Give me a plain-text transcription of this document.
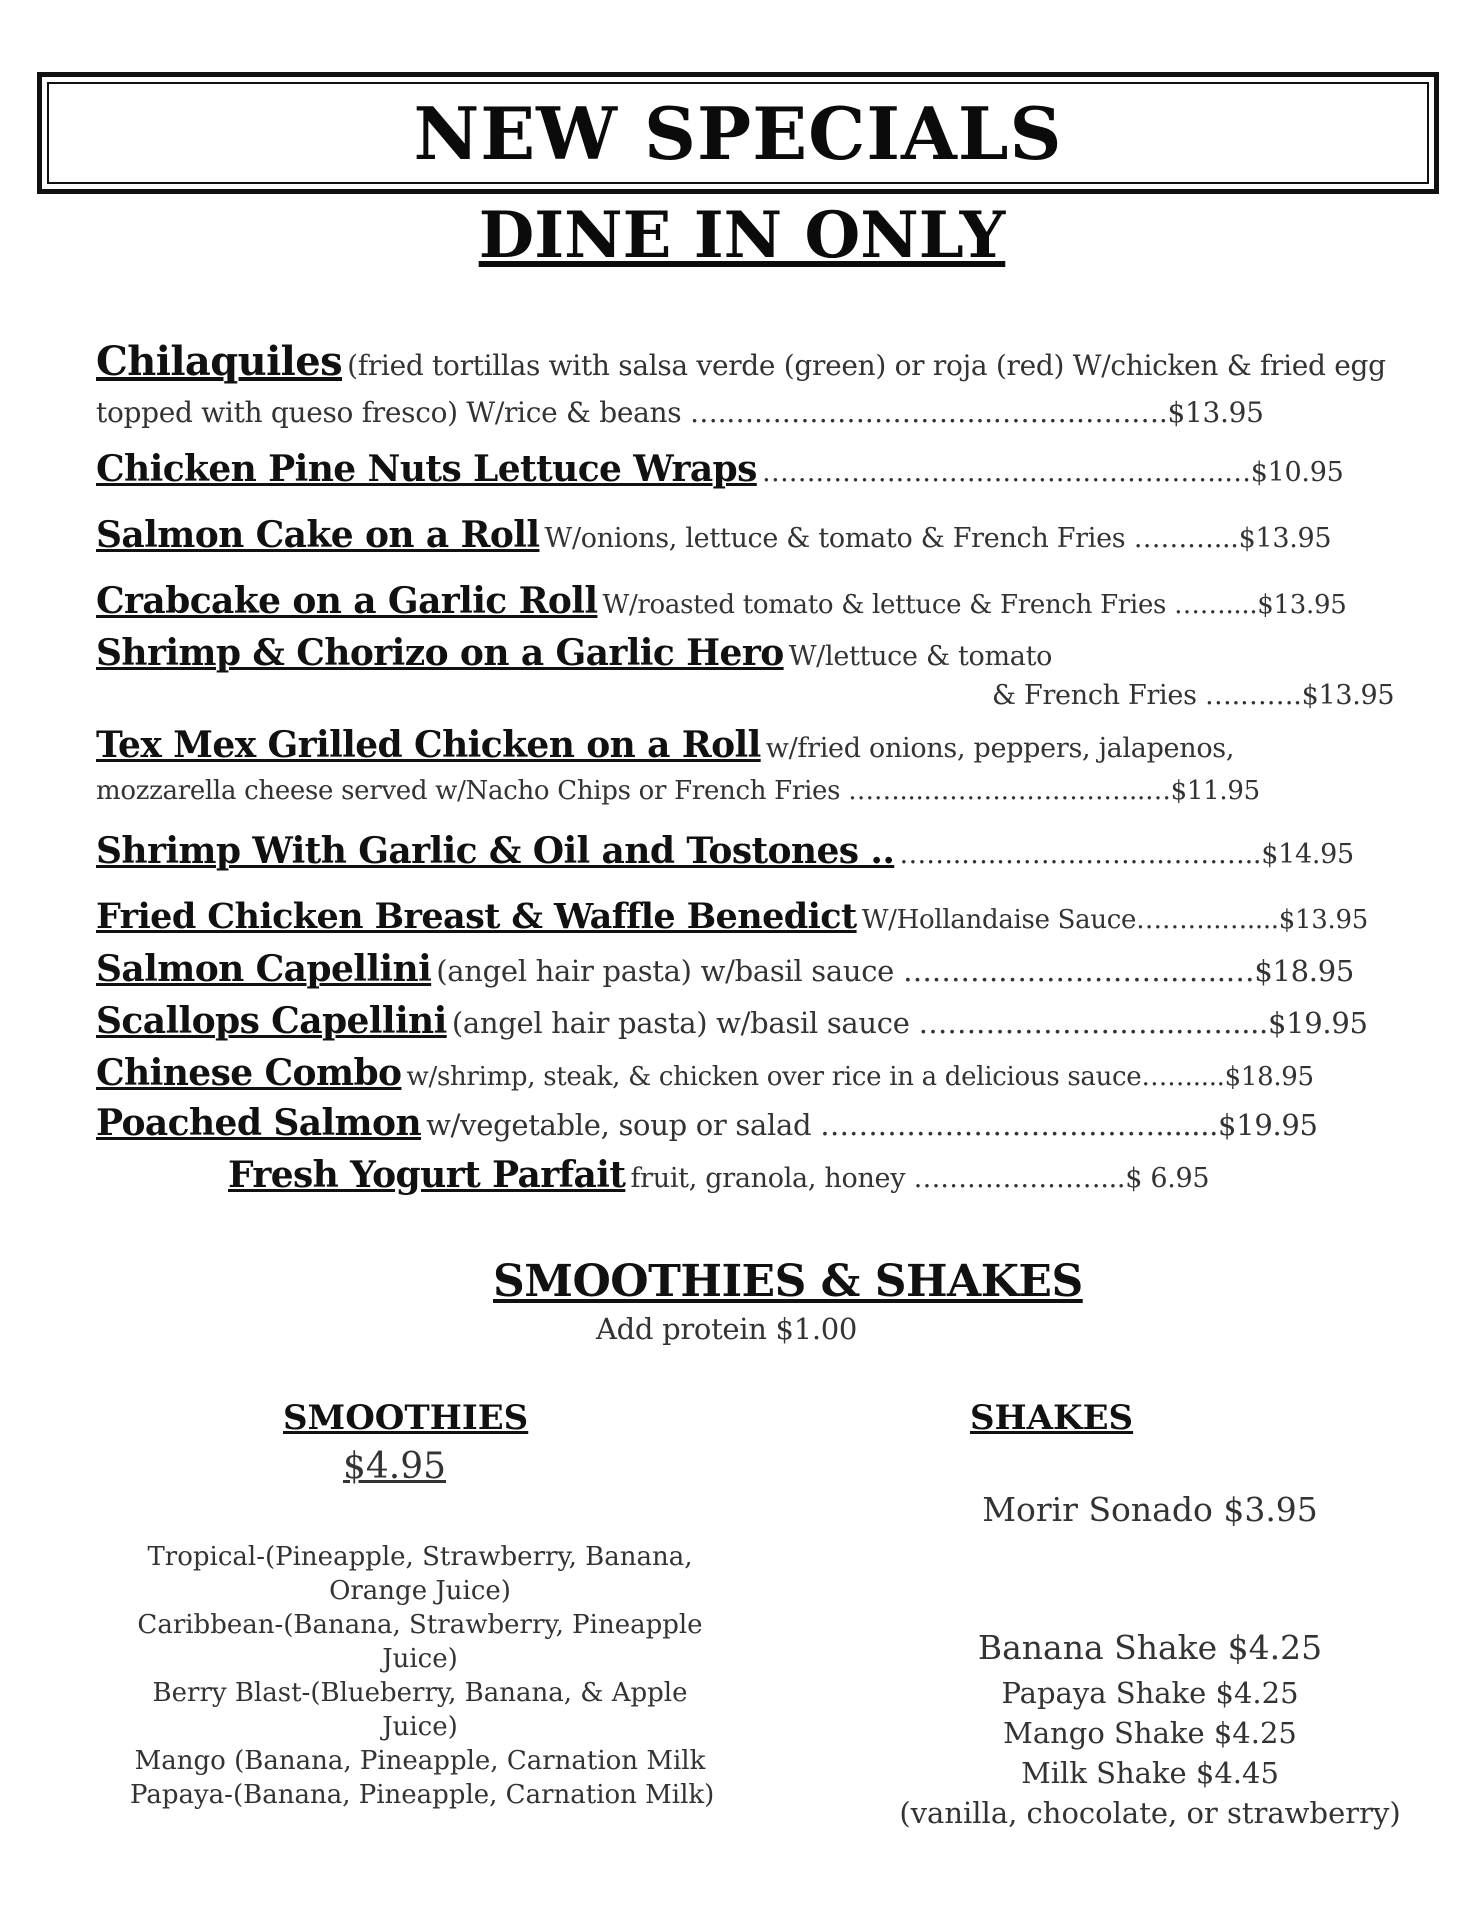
NEW SPECIALS
DINE IN ONLY
Chilaquiles (fried tortillas with salsa verde (green) or roja (red) W/chicken & fried egg
topped with queso fresco) W/rice & beans ….………………………..……………….$13.95
Chicken Pine Nuts Lettuce Wraps …………………………………………….…$10.95
Salmon Cake on a Roll W/onions, lettuce & tomato & French Fries ………...$13.95
Crabcake on a Garlic Roll W/roasted tomato & lettuce & French Fries ……....$13.95
Shrimp & Chorizo on a Garlic Hero W/lettuce & tomato
& French Fries ….…….$13.95
Tex Mex Grilled Chicken on a Roll w/fried onions, peppers, jalapenos,
mozzarella cheese served w/Nacho Chips or French Fries ……...……………………..…$11.95
Shrimp With Garlic & Oil and Tostones .. …….….……………….………..$14.95
Fried Chicken Breast & Waffle Benedict W/Hollandaise Sauce……….…....$13.95
Salmon Capellini (angel hair pasta) w/basil sauce ……….……………….…..…$18.95
Scallops Capellini (angel hair pasta) w/basil sauce ………………….…..……....$19.95
Chinese Combo w/shrimp, steak, & chicken over rice in a delicious sauce……....$18.95
Poached Salmon w/vegetable, soup or salad ………………………………......$19.95
Fresh Yogurt Parfait fruit, granola, honey …………………...$ 6.95
SMOOTHIES & SHAKES
Add protein $1.00
SMOOTHIES
$4.95
Tropical-(Pineapple, Strawberry, Banana,
Orange Juice)
Caribbean-(Banana, Strawberry, Pineapple
Juice)
Berry Blast-(Blueberry, Banana, & Apple
Juice)
Mango (Banana, Pineapple, Carnation Milk
Papaya-(Banana, Pineapple, Carnation Milk)
SHAKES
Morir Sonado $3.95
Banana Shake $4.25
Papaya Shake $4.25
Mango Shake $4.25
Milk Shake $4.45
(vanilla, chocolate, or strawberry)
